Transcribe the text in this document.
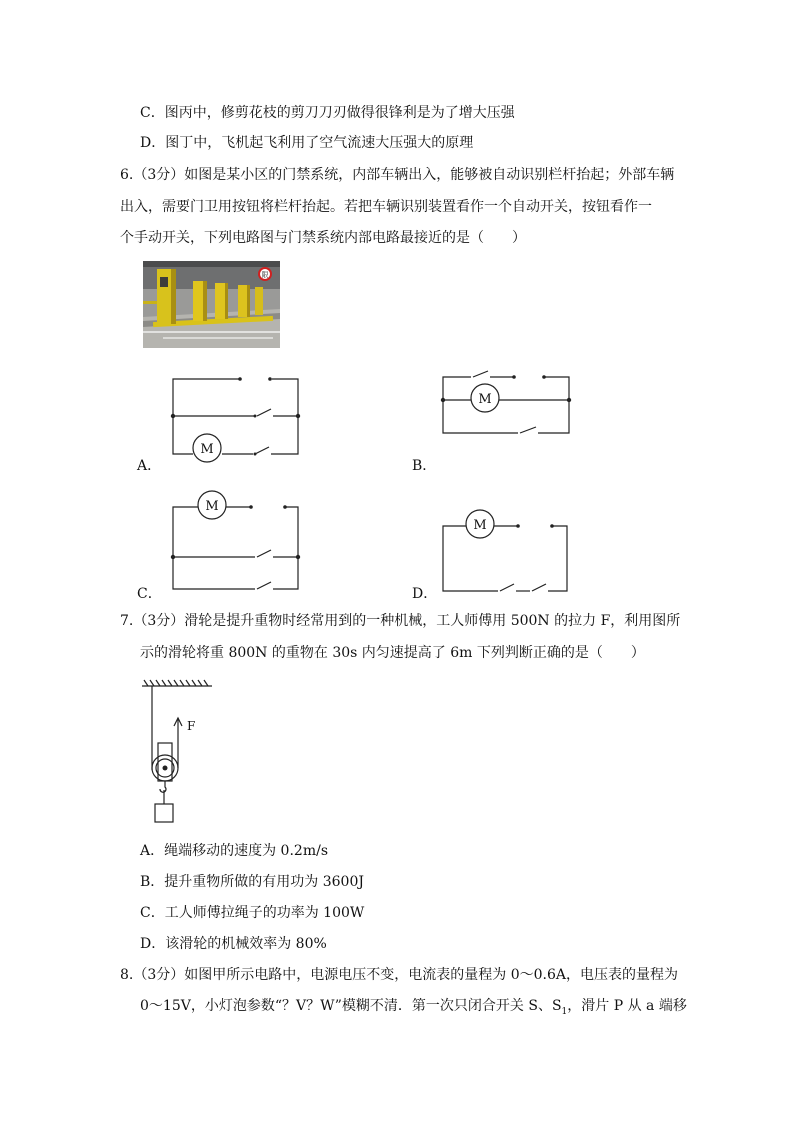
C．图丙中，修剪花枝的剪刀刀刃做得很锋利是为了增大压强
D．图丁中，飞机起飞利用了空气流速大压强大的原理
6.（3分）如图是某小区的门禁系统，内部车辆出入，能够被自动识别栏杆抬起；外部车辆
出入，需要门卫用按钮将栏杆抬起。若把车辆识别装置看作一个自动开关，按钮看作一
个手动开关，下列电路图与门禁系统内部电路最接近的是（　　）
限
M
A．
M
B．
M
C．
M
D．
7.（3分）滑轮是提升重物时经常用到的一种机械，工人师傅用 500N 的拉力 F，利用图所
示的滑轮将重 800N 的重物在 30s 内匀速提高了 6m 下列判断正确的是（　　）
F
A．绳端移动的速度为 0.2m/s
B．提升重物所做的有用功为 3600J
C．工人师傅拉绳子的功率为 100W
D．该滑轮的机械效率为 80%
8.（3分）如图甲所示电路中，电源电压不变，电流表的量程为 0～0.6A，电压表的量程为
0～15V，小灯泡参数“？V？W”模糊不清．第一次只闭合开关 S、$S_1$，滑片 P 从 a 端移
